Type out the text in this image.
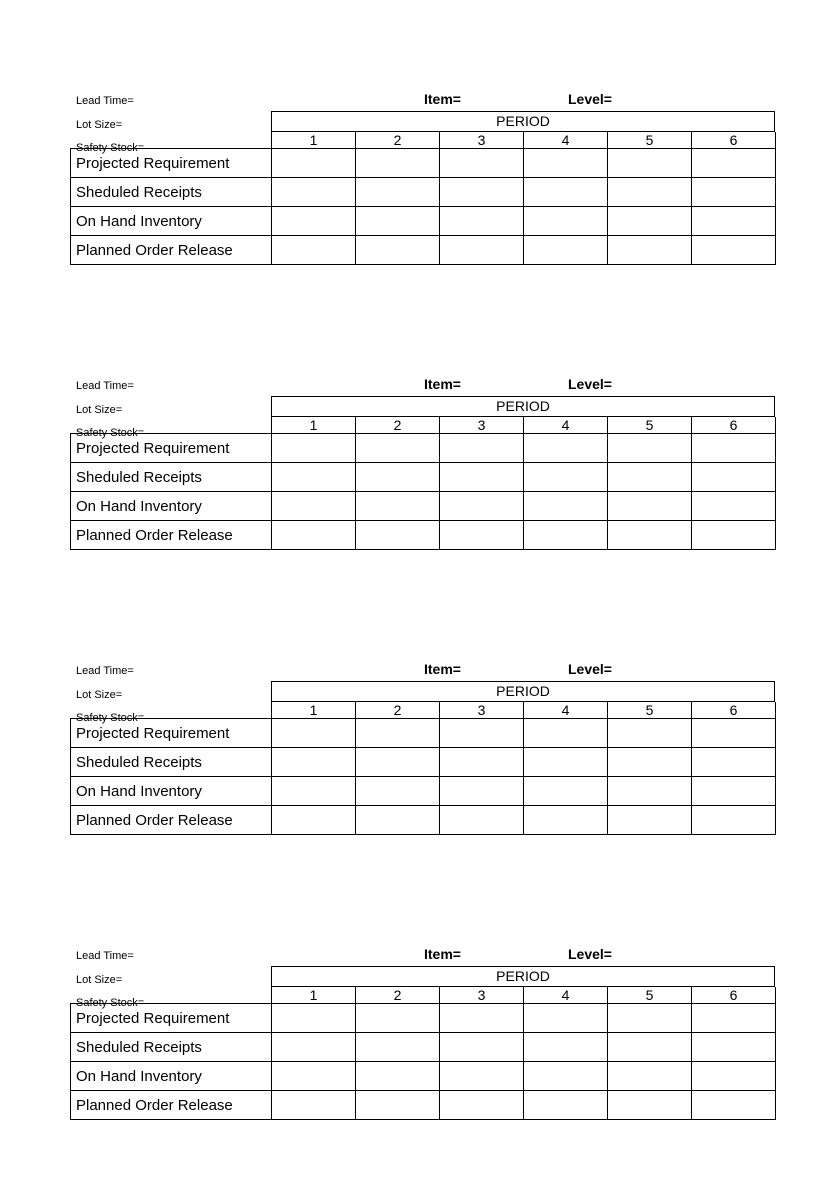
Lead Time=
Lot Size=
Safety Stock=
Item=	Level=
PERIOD
	1	2	3	4	5	6
Projected Requirement						
Sheduled Receipts						
On Hand Inventory						
Planned Order Release						
Lead Time=
Lot Size=
Safety Stock=
Item=	Level=
PERIOD
	1	2	3	4	5	6
Projected Requirement						
Sheduled Receipts						
On Hand Inventory						
Planned Order Release						
Lead Time=
Lot Size=
Safety Stock=
Item=	Level=
PERIOD
	1	2	3	4	5	6
Projected Requirement						
Sheduled Receipts						
On Hand Inventory						
Planned Order Release						
Lead Time=
Lot Size=
Safety Stock=
Item=	Level=
PERIOD
	1	2	3	4	5	6
Projected Requirement						
Sheduled Receipts						
On Hand Inventory						
Planned Order Release						
